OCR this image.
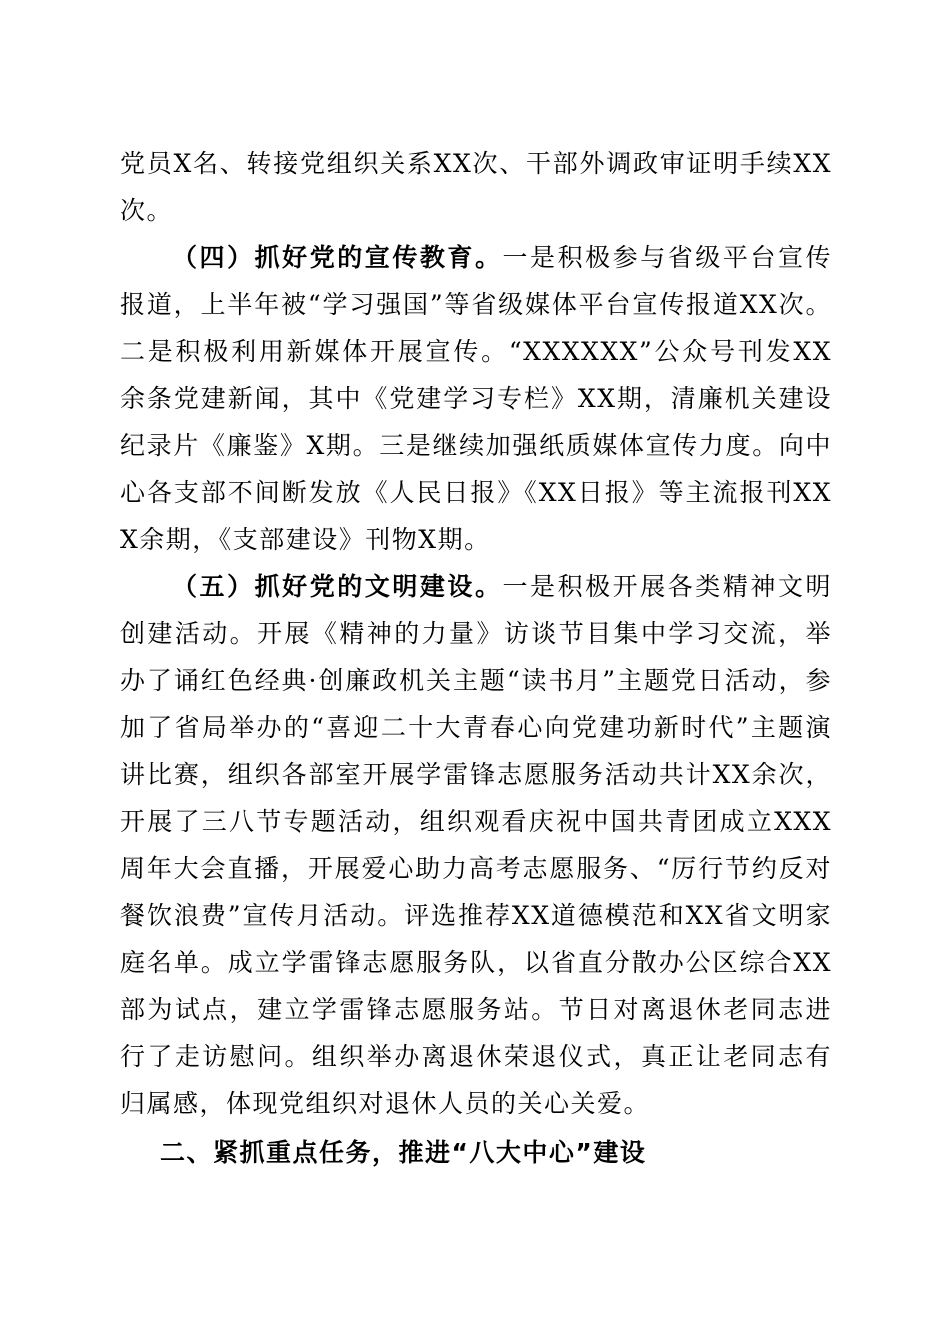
党员X名、转接党组织关系XX次、干部外调政审证明手续XX次。

（四）抓好党的宣传教育。一是积极参与省级平台宣传报道，上半年被“学习强国”等省级媒体平台宣传报道XX次。二是积极利用新媒体开展宣传。“XXXXXX”公众号刊发XX余条党建新闻，其中《党建学习专栏》XX期，清廉机关建设纪录片《廉鉴》X期。三是继续加强纸质媒体宣传力度。向中心各支部不间断发放《人民日报》《XX日报》等主流报刊XXX余期，《支部建设》刊物X期。

（五）抓好党的文明建设。一是积极开展各类精神文明创建活动。开展《精神的力量》访谈节目集中学习交流，举办了诵红色经典·创廉政机关主题“读书月”主题党日活动，参加了省局举办的“喜迎二十大青春心向党建功新时代”主题演讲比赛，组织各部室开展学雷锋志愿服务活动共计XX余次，开展了三八节专题活动，组织观看庆祝中国共青团成立XXX周年大会直播，开展爱心助力高考志愿服务、“厉行节约反对餐饮浪费”宣传月活动。评选推荐XX道德模范和XX省文明家庭名单。成立学雷锋志愿服务队，以省直分散办公区综合XX部为试点，建立学雷锋志愿服务站。节日对离退休老同志进行了走访慰问。组织举办离退休荣退仪式，真正让老同志有归属感，体现党组织对退休人员的关心关爱。

二、紧抓重点任务，推进“八大中心”建设
